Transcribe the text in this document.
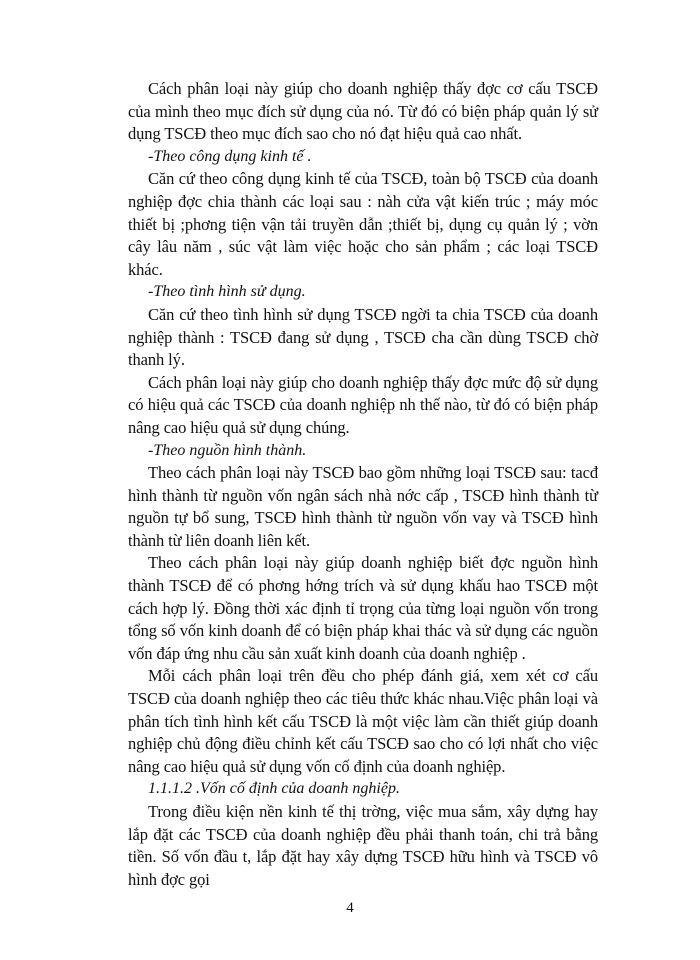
Cách phân loại này giúp cho doanh nghiệp thấy đợc cơ cấu TSCĐ của mình theo mục đích sử dụng của nó. Từ đó có biện pháp quản lý sử dụng TSCĐ theo mục đích sao cho nó đạt hiệu quả cao nhất.

-Theo công dụng kinh tế .

Căn cứ theo công dụng kinh tế của TSCĐ, toàn bộ TSCĐ của doanh nghiệp đợc chia thành các loại sau : nàh cửa vật kiến trúc ; máy móc thiết bị ;phơng tiện vận tải truyền dẫn ;thiết bị, dụng cụ quản lý ; vờn cây lâu năm , súc vật làm việc hoặc cho sản phẩm ; các loại TSCĐ khác.

-Theo tình hình sử dụng.

Căn cứ theo tình hình sử dụng TSCĐ ngời ta chia TSCĐ của doanh nghiệp thành : TSCĐ đang sử dụng , TSCĐ cha cần dùng TSCĐ chờ thanh lý.

Cách phân loại này giúp cho doanh nghiệp thấy đợc mức độ sử dụng có hiệu quả các TSCĐ của doanh nghiệp nh thế nào, từ đó có biện pháp nâng cao hiệu quả sử dụng chúng.

-Theo nguồn hình thành.

Theo cách phân loại này TSCĐ bao gồm những loại TSCĐ sau: tacđ hình thành từ nguồn vốn ngân sách nhà nớc cấp , TSCĐ hình thành từ nguồn tự bổ sung, TSCĐ hình thành từ nguồn vốn vay và TSCĐ hình thành từ liên doanh liên kết.

Theo cách phân loại này giúp doanh nghiệp biết đợc nguồn hình thành TSCĐ để có phơng hớng trích và sử dụng khấu hao TSCĐ một cách hợp lý. Đồng thời xác định tỉ trọng của từng loại nguồn vốn trong tổng số vốn kinh doanh để có biện pháp khai thác và sử dụng các nguồn vốn đáp ứng nhu cầu sản xuất kinh doanh của doanh nghiệp .

Mỗi cách phân loại trên đều cho phép đánh giá, xem xét cơ cấu TSCĐ của doanh nghiệp theo các tiêu thức khác nhau.Việc phân loại và phân tích tình hình kết cấu TSCĐ là một việc làm cần thiết giúp doanh nghiệp chủ động điều chỉnh kết cấu TSCĐ sao cho có lợi nhất cho việc nâng cao hiệu quả sử dụng vốn cố định của doanh nghiệp.

1.1.1.2 .Vốn cố định của doanh nghiệp.

Trong điều kiện nền kinh tế thị trờng, việc mua sắm, xây dựng hay lắp đặt các TSCĐ của doanh nghiệp đều phải thanh toán, chi trả bằng tiền. Số vốn đầu t, lắp đặt hay xây dựng TSCĐ hữu hình và TSCĐ vô hình đợc gọi

4
